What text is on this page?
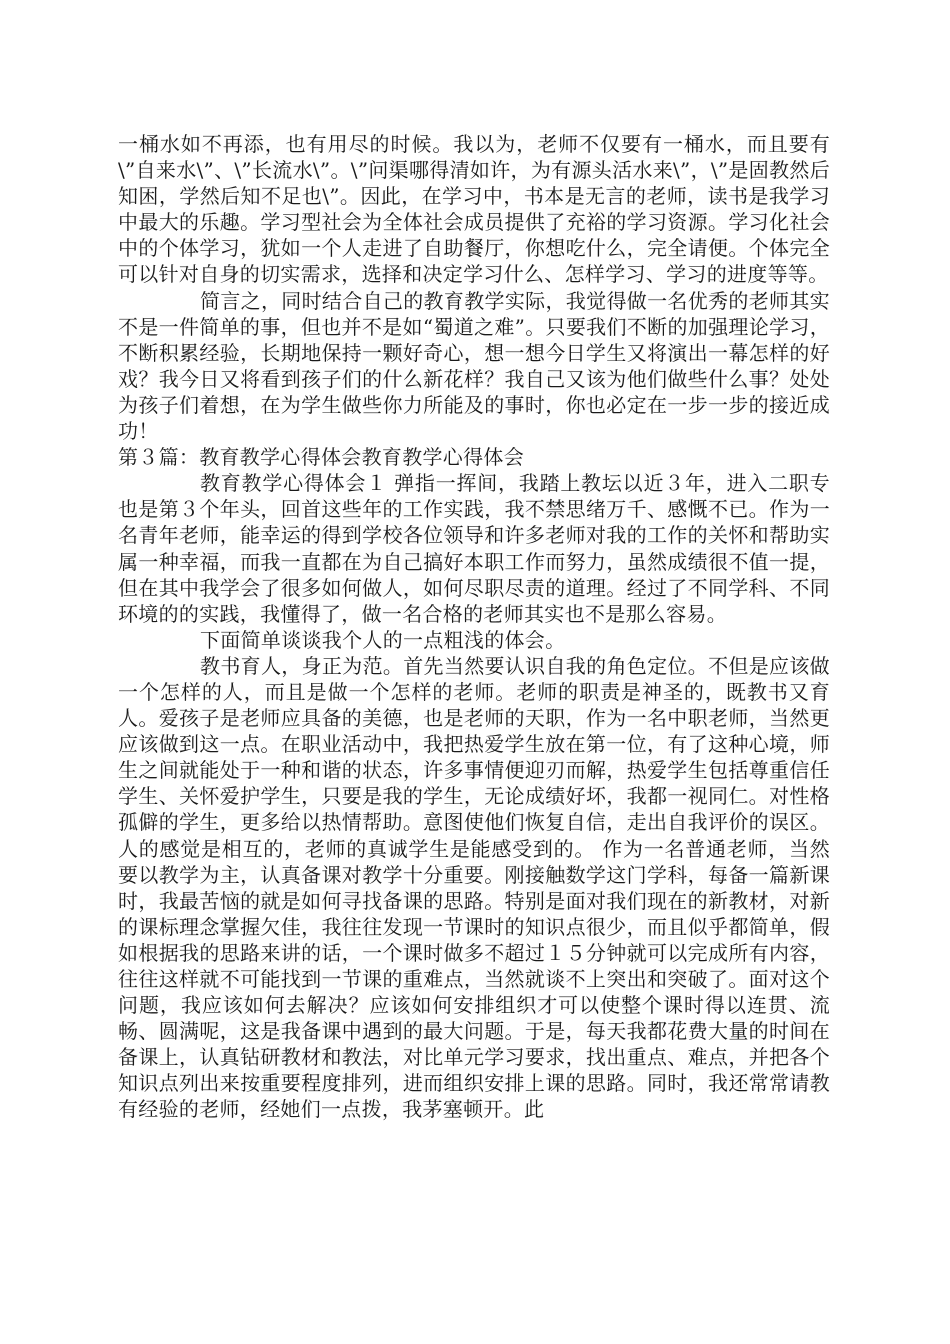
一桶水如不再添，也有用尽的时候。我以为，老师不仅要有一桶水，而且要有\”自来水\”、\”长流水\”。\”问渠哪得清如许，为有源头活水来\”，\”是固教然后知困，学然后知不足也\”。因此，在学习中，书本是无言的老师，读书是我学习中最大的乐趣。学习型社会为全体社会成员提供了充裕的学习资源。学习化社会中的个体学习，犹如一个人走进了自助餐厅，你想吃什么，完全请便。个体完全可以针对自身的切实需求，选择和决定学习什么、怎样学习、学习的进度等等。

简言之，同时结合自己的教育教学实际，我觉得做一名优秀的老师其实不是一件简单的事，但也并不是如“蜀道之难”。只要我们不断的加强理论学习，不断积累经验，长期地保持一颗好奇心，想一想今日学生又将演出一幕怎样的好戏？我今日又将看到孩子们的什么新花样？我自己又该为他们做些什么事？处处为孩子们着想，在为学生做些你力所能及的事时，你也必定在一步一步的接近成功！

第３篇：教育教学心得体会教育教学心得体会

教育教学心得体会１ 弹指一挥间，我踏上教坛以近３年，进入二职专也是第３个年头，回首这些年的工作实践，我不禁思绪万千、感慨不已。作为一名青年老师，能幸运的得到学校各位领导和许多老师对我的工作的关怀和帮助实属一种幸福，而我一直都在为自己搞好本职工作而努力，虽然成绩很不值一提，但在其中我学会了很多如何做人，如何尽职尽责的道理。经过了不同学科、不同环境的的实践，我懂得了，做一名合格的老师其实也不是那么容易。

下面简单谈谈我个人的一点粗浅的体会。

教书育人，身正为范。首先当然要认识自我的角色定位。不但是应该做一个怎样的人，而且是做一个怎样的老师。老师的职责是神圣的，既教书又育人。爱孩子是老师应具备的美德，也是老师的天职，作为一名中职老师，当然更应该做到这一点。在职业活动中，我把热爱学生放在第一位，有了这种心境，师生之间就能处于一种和谐的状态，许多事情便迎刃而解，热爱学生包括尊重信任学生、关怀爱护学生，只要是我的学生，无论成绩好坏，我都一视同仁。对性格孤僻的学生，更多给以热情帮助。意图使他们恢复自信，走出自我评价的误区。人的感觉是相互的，老师的真诚学生是能感受到的。 作为一名普通老师，当然要以教学为主，认真备课对教学十分重要。刚接触数学这门学科，每备一篇新课时，我最苦恼的就是如何寻找备课的思路。特别是面对我们现在的新教材，对新的课标理念掌握欠佳，我往往发现一节课时的知识点很少，而且似乎都简单，假如根据我的思路来讲的话，一个课时做多不超过１５分钟就可以完成所有内容，往往这样就不可能找到一节课的重难点，当然就谈不上突出和突破了。面对这个问题，我应该如何去解决？应该如何安排组织才可以使整个课时得以连贯、流畅、圆满呢，这是我备课中遇到的最大问题。于是，每天我都花费大量的时间在备课上，认真钻研教材和教法，对比单元学习要求，找出重点、难点，并把各个知识点列出来按重要程度排列，进而组织安排上课的思路。同时，我还常常请教有经验的老师，经她们一点拨，我茅塞顿开。此
